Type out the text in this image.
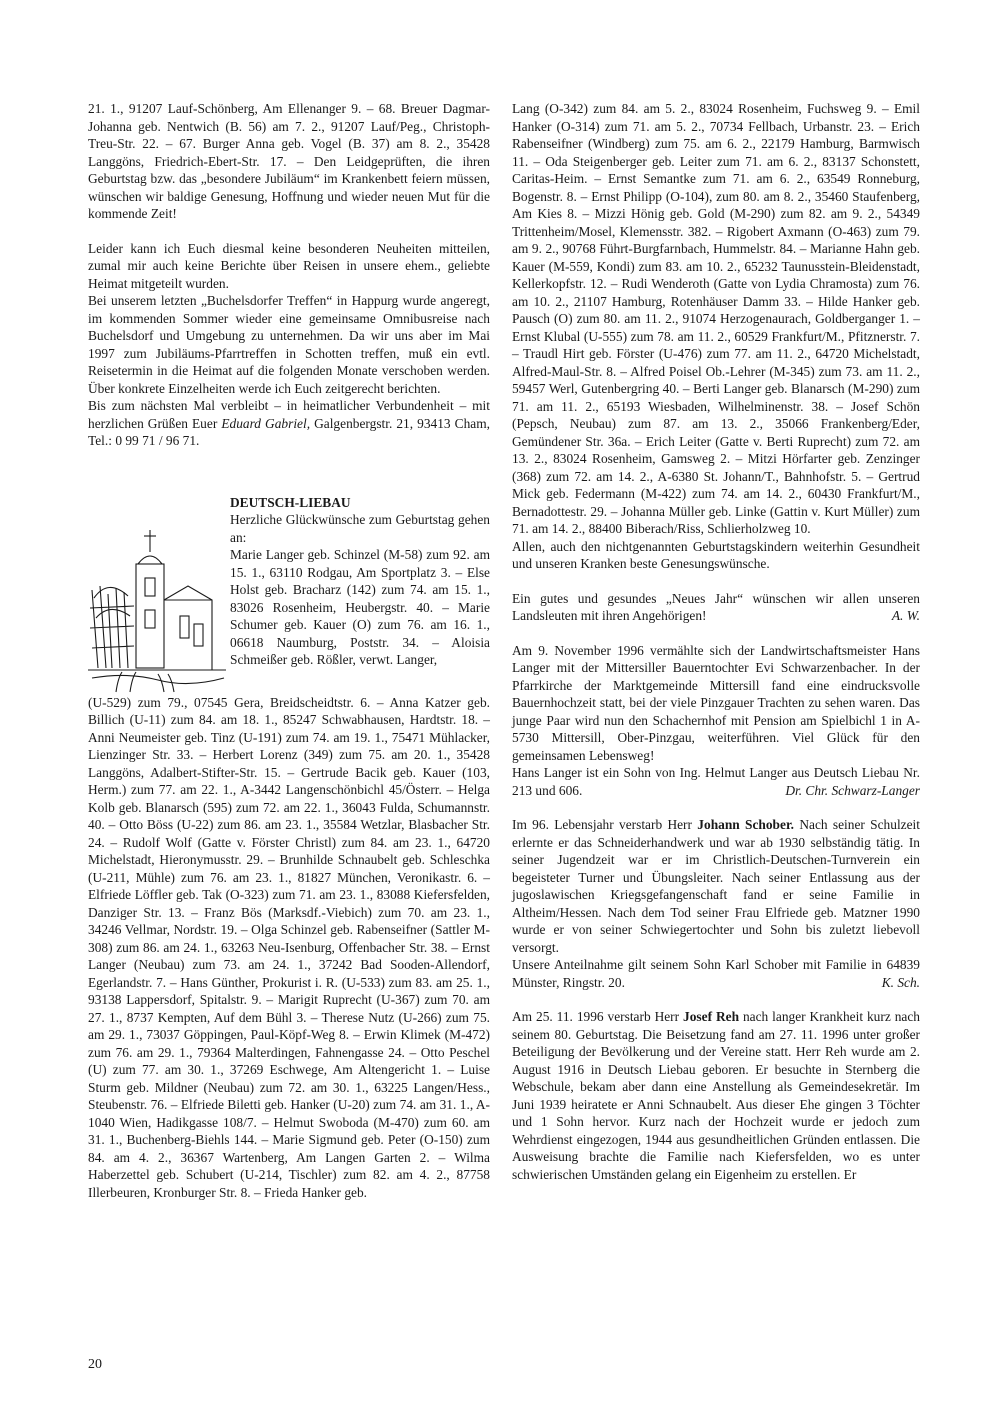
21. 1., 91207 Lauf-Schönberg, Am Ellenanger 9. – 68. Breuer Dagmar-Johanna geb. Nentwich (B. 56) am 7. 2., 91207 Lauf/Peg., Christoph-Treu-Str. 22. – 67. Burger Anna geb. Vogel (B. 37) am 8. 2., 35428 Langgöns, Friedrich-Ebert-Str. 17. – Den Leidgeprüften, die ihren Geburtstag bzw. das „besondere Jubiläum“ im Krankenbett feiern müssen, wünschen wir baldige Genesung, Hoffnung und wieder neuen Mut für die kommende Zeit!

Leider kann ich Euch diesmal keine besonderen Neuheiten mitteilen, zumal mir auch keine Berichte über Reisen in unsere ehem., geliebte Heimat mitgeteilt wurden.

Bei unserem letzten „Buchelsdorfer Treffen“ in Happurg wurde angeregt, im kommenden Sommer wieder eine gemeinsame Omnibusreise nach Buchelsdorf und Umgebung zu unternehmen. Da wir uns aber im Mai 1997 zum Jubiläums-Pfarrtreffen in Schotten treffen, muß ein evtl. Reisetermin in die Heimat auf die folgenden Monate verschoben werden. Über konkrete Einzelheiten werde ich Euch zeitgerecht berichten.

Bis zum nächsten Mal verbleibt – in heimatlicher Verbundenheit – mit herzlichen Grüßen Euer Eduard Gabriel, Galgenbergstr. 21, 93413 Cham, Tel.: 0 99 71 / 96 71.

DEUTSCH-LIEBAU

Herzliche Glückwünsche zum Geburtstag gehen an:

Marie Langer geb. Schinzel (M-58) zum 92. am 15. 1., 63110 Rodgau, Am Sportplatz 3. – Else Holst geb. Bracharz (142) zum 74. am 15. 1., 83026 Rosenheim, Heubergstr. 40. – Marie Schumer geb. Kauer (O) zum 76. am 16. 1., 06618 Naumburg, Poststr. 34. – Aloisia Schmeißer geb. Rößler, verwt. Langer,

(U-529) zum 79., 07545 Gera, Breidscheidtstr. 6. – Anna Katzer geb. Billich (U-11) zum 84. am 18. 1., 85247 Schwabhausen, Hardtstr. 18. – Anni Neumeister geb. Tinz (U-191) zum 74. am 19. 1., 75471 Mühlacker, Lienzinger Str. 33. – Herbert Lorenz (349) zum 75. am 20. 1., 35428 Langgöns, Adalbert-Stifter-Str. 15. – Gertrude Bacik geb. Kauer (103, Herm.) zum 77. am 22. 1., A-3442 Langenschönbichl 45/Österr. – Helga Kolb geb. Blanarsch (595) zum 72. am 22. 1., 36043 Fulda, Schumannstr. 40. – Otto Böss (U-22) zum 86. am 23. 1., 35584 Wetzlar, Blasbacher Str. 24. – Rudolf Wolf (Gatte v. Förster Christl) zum 84. am 23. 1., 64720 Michelstadt, Hieronymusstr. 29. – Brunhilde Schnaubelt geb. Schleschka (U-211, Mühle) zum 76. am 23. 1., 81827 München, Veronikastr. 6. – Elfriede Löffler geb. Tak (O-323) zum 71. am 23. 1., 83088 Kiefersfelden, Danziger Str. 13. – Franz Bös (Marksdf.-Viebich) zum 70. am 23. 1., 34246 Vellmar, Nordstr. 19. – Olga Schinzel geb. Rabenseifner (Sattler M-308) zum 86. am 24. 1., 63263 Neu-Isenburg, Offenbacher Str. 38. – Ernst Langer (Neubau) zum 73. am 24. 1., 37242 Bad Sooden-Allendorf, Egerlandstr. 7. – Hans Günther, Prokurist i. R. (U-533) zum 83. am 25. 1., 93138 Lappersdorf, Spitalstr. 9. – Marigit Ruprecht (U-367) zum 70. am 27. 1., 8737 Kempten, Auf dem Bühl 3. – Therese Nutz (U-266) zum 75. am 29. 1., 73037 Göppingen, Paul-Köpf-Weg 8. – Erwin Klimek (M-472) zum 76. am 29. 1., 79364 Malterdingen, Fahnengasse 24. – Otto Peschel (U) zum 77. am 30. 1., 37269 Eschwege, Am Altengericht 1. – Luise Sturm geb. Mildner (Neubau) zum 72. am 30. 1., 63225 Langen/Hess., Steubenstr. 76. – Elfriede Biletti geb. Hanker (U-20) zum 74. am 31. 1., A-1040 Wien, Hadikgasse 108/7. – Helmut Swoboda (M-470) zum 60. am 31. 1., Buchenberg-Biehls 144. – Marie Sigmund geb. Peter (O-150) zum 84. am 4. 2., 36367 Wartenberg, Am Langen Garten 2. – Wilma Haberzettel geb. Schubert (U-214, Tischler) zum 82. am 4. 2., 87758 Illerbeuren, Kronburger Str. 8. – Frieda Hanker geb.

Lang (O-342) zum 84. am 5. 2., 83024 Rosenheim, Fuchsweg 9. – Emil Hanker (O-314) zum 71. am 5. 2., 70734 Fellbach, Urbanstr. 23. – Erich Rabenseifner (Windberg) zum 75. am 6. 2., 22179 Hamburg, Barmwisch 11. – Oda Steigenberger geb. Leiter zum 71. am 6. 2., 83137 Schonstett, Caritas-Heim. – Ernst Semantke zum 71. am 6. 2., 63549 Ronneburg, Bogenstr. 8. – Ernst Philipp (O-104), zum 80. am 8. 2., 35460 Staufenberg, Am Kies 8. – Mizzi Hönig geb. Gold (M-290) zum 82. am 9. 2., 54349 Trittenheim/Mosel, Klemensstr. 382. – Rigobert Axmann (O-463) zum 79. am 9. 2., 90768 Führt-Burgfarnbach, Hummelstr. 84. – Marianne Hahn geb. Kauer (M-559, Kondi) zum 83. am 10. 2., 65232 Taunusstein-Bleidenstadt, Kellerkopfstr. 12. – Rudi Wenderoth (Gatte von Lydia Chramosta) zum 76. am 10. 2., 21107 Hamburg, Rotenhäuser Damm 33. – Hilde Hanker geb. Pausch (O) zum 80. am 11. 2., 91074 Herzogenaurach, Goldberganger 1. – Ernst Klubal (U-555) zum 78. am 11. 2., 60529 Frankfurt/M., Pfitznerstr. 7. – Traudl Hirt geb. Förster (U-476) zum 77. am 11. 2., 64720 Michelstadt, Alfred-Maul-Str. 8. – Alfred Poisel Ob.-Lehrer (M-345) zum 73. am 11. 2., 59457 Werl, Gutenbergring 40. – Berti Langer geb. Blanarsch (M-290) zum 71. am 11. 2., 65193 Wiesbaden, Wilhelminenstr. 38. – Josef Schön (Pepsch, Neubau) zum 87. am 13. 2., 35066 Frankenberg/Eder, Gemündener Str. 36a. – Erich Leiter (Gatte v. Berti Ruprecht) zum 72. am 13. 2., 83024 Rosenheim, Gamsweg 2. – Mitzi Hörfarter geb. Zenzinger (368) zum 72. am 14. 2., A-6380 St. Johann/T., Bahnhofstr. 5. – Gertrud Mick geb. Federmann (M-422) zum 74. am 14. 2., 60430 Frankfurt/M., Bernadottestr. 29. – Johanna Müller geb. Linke (Gattin v. Kurt Müller) zum 71. am 14. 2., 88400 Biberach/Riss, Schlierholzweg 10.

Allen, auch den nichtgenannten Geburtstagskindern weiterhin Gesundheit und unseren Kranken beste Genesungswünsche.

Ein gutes und gesundes „Neues Jahr“ wünschen wir allen unseren Landsleuten mit ihren Angehörigen!	A. W.

Am 9. November 1996 vermählte sich der Landwirtschaftsmeister Hans Langer mit der Mittersiller Bauerntochter Evi Schwarzenbacher. In der Pfarrkirche der Marktgemeinde Mittersill fand eine eindrucksvolle Bauernhochzeit statt, bei der viele Pinzgauer Trachten zu sehen waren. Das junge Paar wird nun den Schachernhof mit Pension am Spielbichl 1 in A-5730 Mittersill, Ober-Pinzgau, weiterführen. Viel Glück für den gemeinsamen Lebensweg!

Hans Langer ist ein Sohn von Ing. Helmut Langer aus Deutsch Liebau Nr. 213 und 606.	Dr. Chr. Schwarz-Langer

Im 96. Lebensjahr verstarb Herr Johann Schober. Nach seiner Schulzeit erlernte er das Schneiderhandwerk und war ab 1930 selbständig tätig. In seiner Jugendzeit war er im Christlich-Deutschen-Turnverein ein begeisteter Turner und Übungsleiter. Nach seiner Entlassung aus der jugoslawischen Kriegsgefangenschaft fand er seine Familie in Altheim/Hessen. Nach dem Tod seiner Frau Elfriede geb. Matzner 1990 wurde er von seiner Schwiegertochter und Sohn bis zuletzt liebevoll versorgt.

Unsere Anteilnahme gilt seinem Sohn Karl Schober mit Familie in 64839 Münster, Ringstr. 20.	K. Sch.

Am 25. 11. 1996 verstarb Herr Josef Reh nach langer Krankheit kurz nach seinem 80. Geburtstag. Die Beisetzung fand am 27. 11. 1996 unter großer Beteiligung der Bevölkerung und der Vereine statt. Herr Reh wurde am 2. August 1916 in Deutsch Liebau geboren. Er besuchte in Sternberg die Webschule, bekam aber dann eine Anstellung als Gemeindesekretär. Im Juni 1939 heiratete er Anni Schnaubelt. Aus dieser Ehe gingen 3 Töchter und 1 Sohn hervor. Kurz nach der Hochzeit wurde er jedoch zum Wehrdienst eingezogen, 1944 aus gesundheitlichen Gründen entlassen. Die Ausweisung brachte die Familie nach Kiefersfelden, wo es unter schwierischen Umständen gelang ein Eigenheim zu erstellen. Er

20
